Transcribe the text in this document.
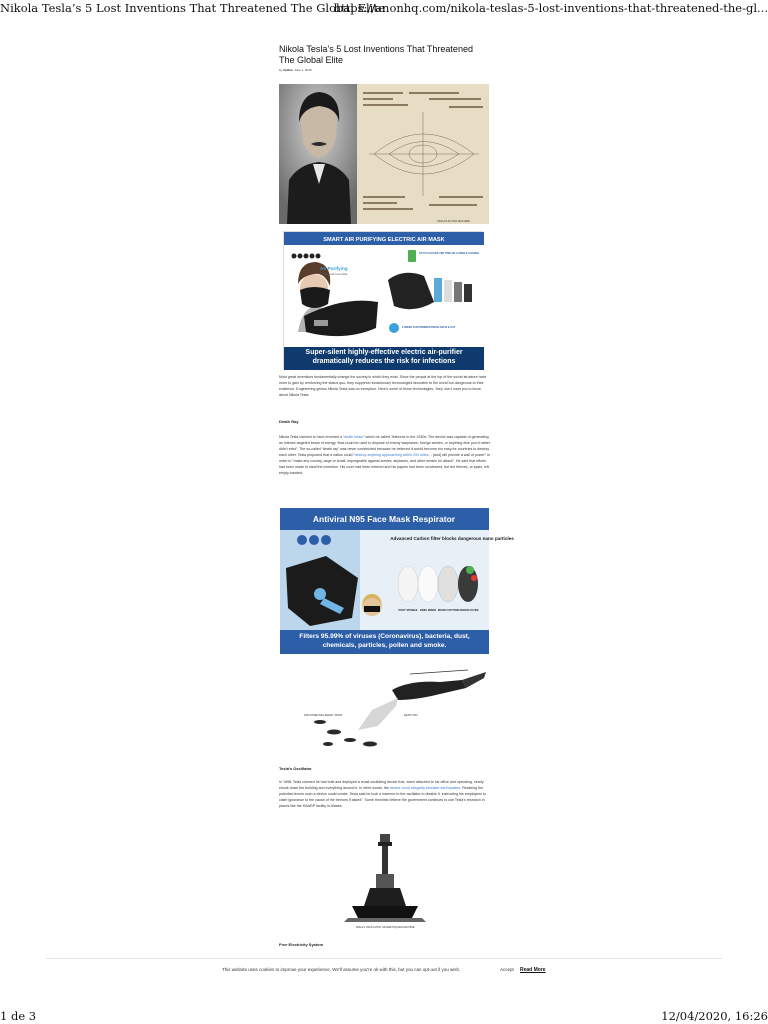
Nikola Tesla’s 5 Lost Inventions That Threatened The Global Elite
https://anonhq.com/nikola-teslas-5-lost-inventions-that-threatened-the-gl...
Nikola Tesla’s 5 Lost Inventions That Threatened The Global Elite
by Vedika, June 1, 2019
TESLA’S FLYING MACHINE
SMART AIR PURIFYING ELECTRIC AIR MASK
Air Purifying
Smart Electric Face Mask
UP TO 8 HOURS USE TIME ON A SINGLE CHARGE
2 SPEED FAN POWERED FRESH AIR IN & OUT
Super-silent highly-effective electric air-purifier dramatically reduces the risk for infections

Most great inventions fundamentally change the society in which they exist. Since the people at the top of the social structure have more to gain by reinforcing the status quo, they suppress revolutionary technologies favorable to the world but dangerous to their existence. Engineering genius Nikola Tesla was no exception. Here’s some of those technologies, ‘they’ don’t want you to know about Nikola Tesla:

Death Ray

Nikola Tesla claimed to have invented a “death beam” which he called Teleforce in the 1930s. The device was capable of generating an intense targeted beam of energy “that could be used to dispose of enemy warplanes, foreign armies, or anything else you’d rather didn’t exist”. The so-called “death ray” was never constructed because he believed it would become too easy for countries to destroy each other. Tesla proposed that a nation could “destroy anything approaching within 200 miles… [and] will provide a wall of power” in order to “make any country, large or small, impregnable against armies, airplanes, and other means for attack”. He said that efforts had been made to steal the invention. His room had been entered and his papers had been scrutinized, but the thieves, or spies, left empty-handed.

Antiviral N95 Face Mask Respirator
Advanced Carbon filter blocks dangerous nano particles
POST SPONGE IONIC MIXER MICRO COTTON CARBON FILTER
Filters 95.99% of viruses (Coronavirus), bacteria, dust, chemicals, particles, pollen and smoke.
DISCONNECTED ENEMY TANKS	DEATH RAY
Tesla’s Oscillator

In 1898, Tesla claimed he had built and deployed a small oscillating device that, when attached to his office and operating, nearly shook down the building and everything around it. In other words, the device could allegedly simulate earthquakes. Realizing the potential terrors such a device could create, Tesla said he took a hammer to the oscillator to disable it, instructing his employees to claim ignorance to the cause of the tremors if asked”. Some theorists believe the government continues to use Tesla’s research in places like the HAARP facility in Alaska.

TESLA'S OSCILLATOR, OR EARTHQUAKE MACHINE
Free Electricity System
This website uses cookies to improve your experience. We'll assume you're ok with this, but you can opt-out if you wish.	Accept Read More
1 de 3	12/04/2020, 16:26
